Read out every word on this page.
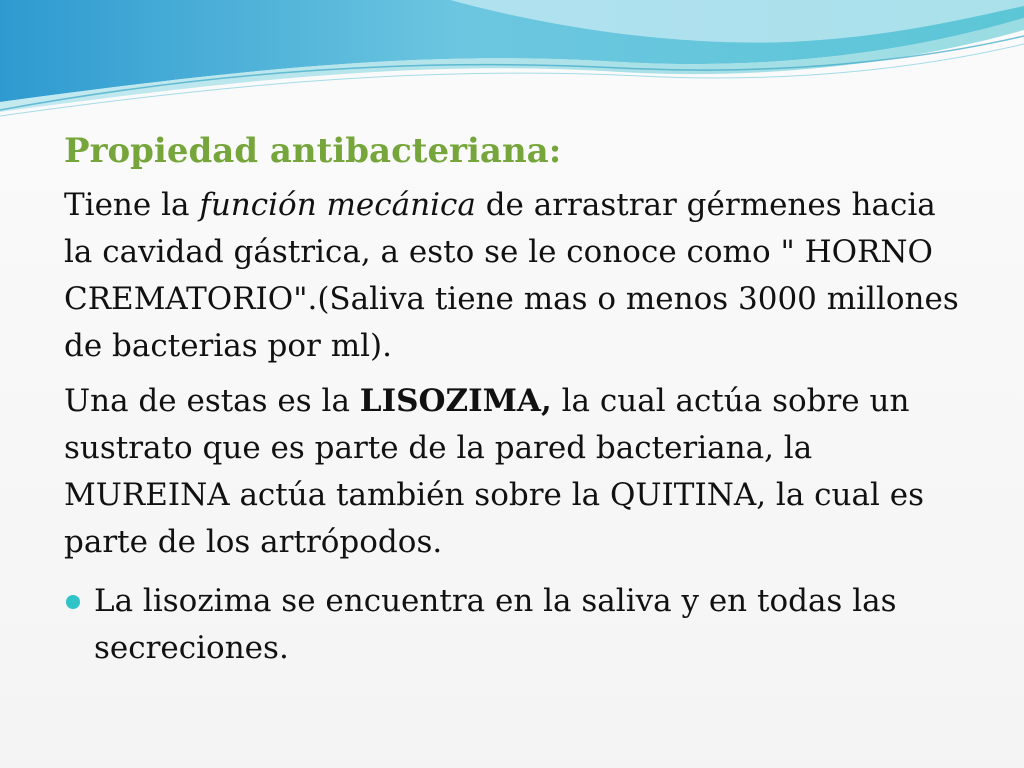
Propiedad antibacteriana:

Tiene la función mecánica de arrastrar gérmenes hacia la cavidad gástrica, a esto se le conoce como " HORNO CREMATORIO".(Saliva tiene mas o menos 3000 millones de bacterias por ml).

Una de estas es la LISOZIMA, la cual actúa sobre un sustrato que es parte de la pared bacteriana, la MUREINA actúa también sobre la QUITINA, la cual es parte de los artrópodos.

La lisozima se encuentra en la saliva y en todas las secreciones.
